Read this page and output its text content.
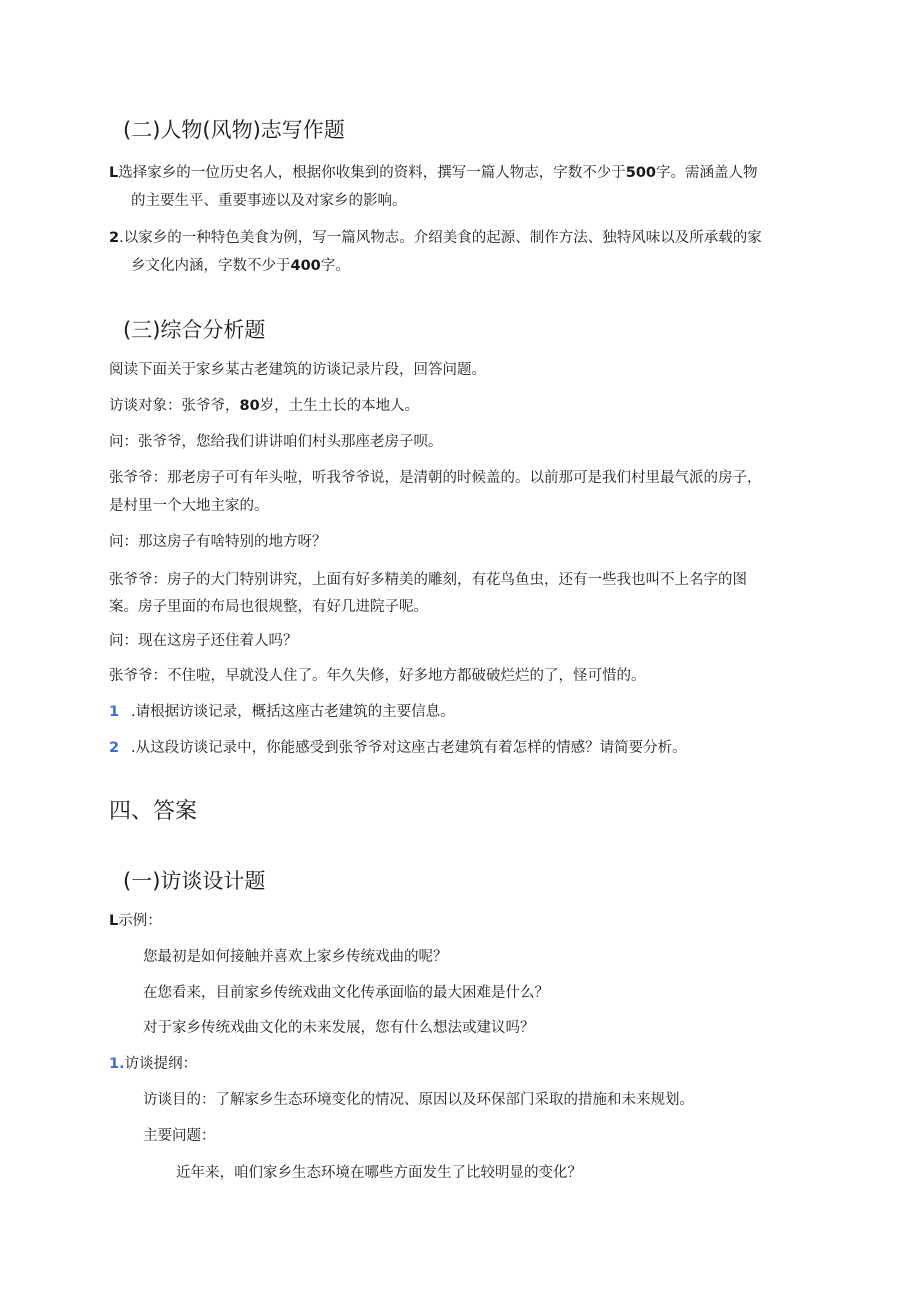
(二)人物(风物)志写作题
L选择家乡的一位历史名人，根据你收集到的资料，撰写一篇人物志，字数不少于500字。需涵盖人物
的主要生平、重要事迹以及对家乡的影响。
2.以家乡的一种特色美食为例，写一篇风物志。介绍美食的起源、制作方法、独特风味以及所承载的家
乡文化内涵，字数不少于400字。
(三)综合分析题
阅读下面关于家乡某古老建筑的访谈记录片段，回答问题。
访谈对象：张爷爷，80岁，土生土长的本地人。
问：张爷爷，您给我们讲讲咱们村头那座老房子呗。
张爷爷：那老房子可有年头啦，听我爷爷说，是清朝的时候盖的。以前那可是我们村里最气派的房子，
是村里一个大地主家的。
问：那这房子有啥特别的地方呀？
张爷爷：房子的大门特别讲究，上面有好多精美的雕刻，有花鸟鱼虫，还有一些我也叫不上名字的图
案。房子里面的布局也很规整，有好几进院子呢。
问：现在这房子还住着人吗？
张爷爷：不住啦，早就没人住了。年久失修，好多地方都破破烂烂的了，怪可惜的。
1 .请根据访谈记录，概括这座古老建筑的主要信息。
2 .从这段访谈记录中，你能感受到张爷爷对这座古老建筑有着怎样的情感？请简要分析。
四、答案
(一)访谈设计题
L示例：
您最初是如何接触并喜欢上家乡传统戏曲的呢？
在您看来，目前家乡传统戏曲文化传承面临的最大困难是什么？
对于家乡传统戏曲文化的未来发展，您有什么想法或建议吗？
1.访谈提纲：
访谈目的：了解家乡生态环境变化的情况、原因以及环保部门采取的措施和未来规划。
主要问题：
近年来，咱们家乡生态环境在哪些方面发生了比较明显的变化？
